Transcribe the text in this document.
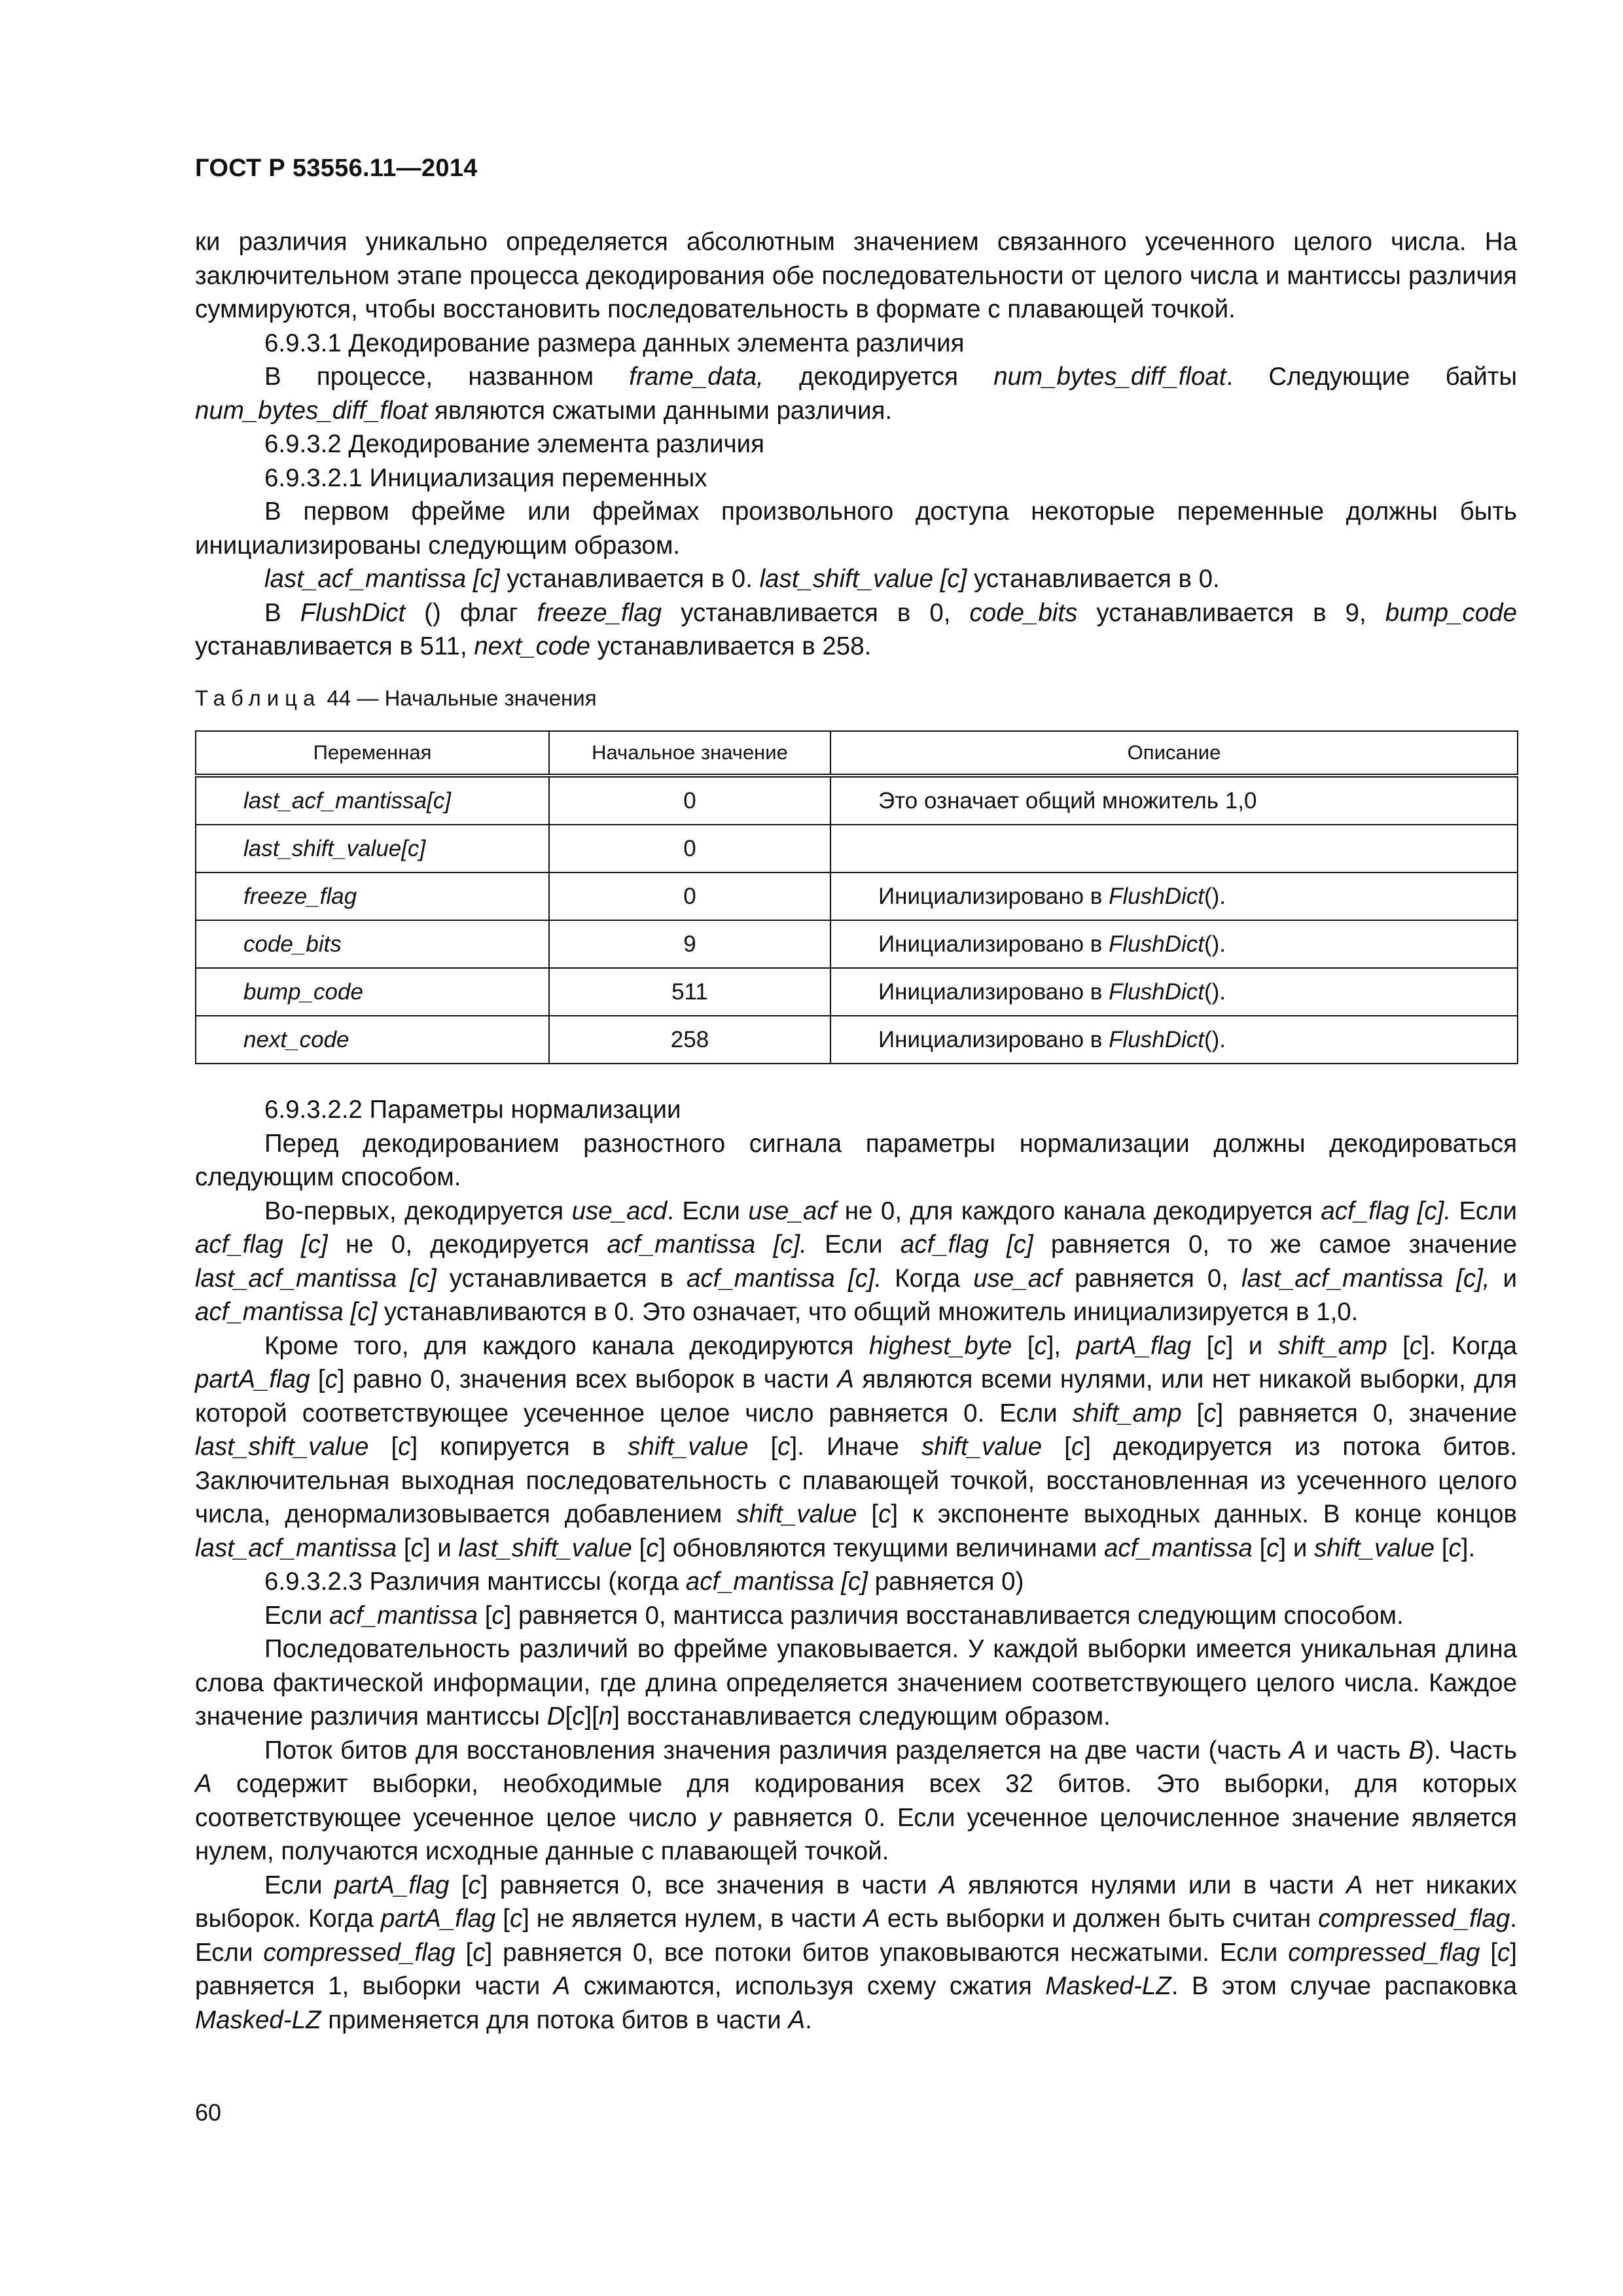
ГОСТ Р 53556.11—2014

ки различия уникально определяется абсолютным значением связанного усеченного целого числа. На заключительном этапе процесса декодирования обе последовательности от целого числа и мантиссы различия суммируются, чтобы восстановить последовательность в формате с плавающей точкой.

6.9.3.1 Декодирование размера данных элемента различия

В процессе, названном frame_data, декодируется num_bytes_diff_float. Следующие байты num_bytes_diff_float являются сжатыми данными различия.

6.9.3.2 Декодирование элемента различия

6.9.3.2.1 Инициализация переменных

В первом фрейме или фреймах произвольного доступа некоторые переменные должны быть инициализированы следующим образом.

last_acf_mantissa [c] устанавливается в 0. last_shift_value [c] устанавливается в 0.

В FlushDict () флаг freeze_flag устанавливается в 0, code_bits устанавливается в 9, bump_code устанавливается в 511, next_code устанавливается в 258.

Таблица 44 — Начальные значения
Переменная	Начальное значение	Описание
last_acf_mantissa[c]	0	Это означает общий множитель 1,0
last_shift_value[c]	0	
freeze_flag	0	Инициализировано в FlushDict().
code_bits	9	Инициализировано в FlushDict().
bump_code	511	Инициализировано в FlushDict().
next_code	258	Инициализировано в FlushDict().

6.9.3.2.2 Параметры нормализации

Перед декодированием разностного сигнала параметры нормализации должны декодироваться следующим способом.

Во-первых, декодируется use_acd. Если use_acf не 0, для каждого канала декодируется acf_flag [c]. Если acf_flag [c] не 0, декодируется acf_mantissa [c]. Если acf_flag [c] равняется 0, то же самое значение last_acf_mantissa [c] устанавливается в acf_mantissa [c]. Когда use_acf равняется 0, last_acf_mantissa [c], и acf_mantissa [c] устанавливаются в 0. Это означает, что общий множитель инициализируется в 1,0.

Кроме того, для каждого канала декодируются highest_byte [c], partA_flag [c] и shift_amp [c]. Когда partA_flag [c] равно 0, значения всех выборок в части A являются всеми нулями, или нет никакой выборки, для которой соответствующее усеченное целое число равняется 0. Если shift_amp [c] равняется 0, значение last_shift_value [c] копируется в shift_value [c]. Иначе shift_value [c] декодируется из потока битов. Заключительная выходная последовательность с плавающей точкой, восстановленная из усеченного целого числа, денормализовывается добавлением shift_value [c] к экспоненте выходных данных. В конце концов last_acf_mantissa [c] и last_shift_value [c] обновляются текущими величинами acf_mantissa [c] и shift_value [c].

6.9.3.2.3 Различия мантиссы (когда acf_mantissa [c] равняется 0)

Если acf_mantissa [c] равняется 0, мантисса различия восстанавливается следующим способом.

Последовательность различий во фрейме упаковывается. У каждой выборки имеется уникальная длина слова фактической информации, где длина определяется значением соответствующего целого числа. Каждое значение различия мантиссы D[c][n] восстанавливается следующим образом.

Поток битов для восстановления значения различия разделяется на две части (часть A и часть B). Часть A содержит выборки, необходимые для кодирования всех 32 битов. Это выборки, для которых соответствующее усеченное целое число y равняется 0. Если усеченное целочисленное значение является нулем, получаются исходные данные с плавающей точкой.

Если partA_flag [c] равняется 0, все значения в части A являются нулями или в части A нет никаких выборок. Когда partA_flag [c] не является нулем, в части A есть выборки и должен быть считан compressed_flag. Если compressed_flag [c] равняется 0, все потоки битов упаковываются несжатыми. Если compressed_flag [c] равняется 1, выборки части A сжимаются, используя схему сжатия Masked-LZ. В этом случае распаковка Masked-LZ применяется для потока битов в части A.

60
